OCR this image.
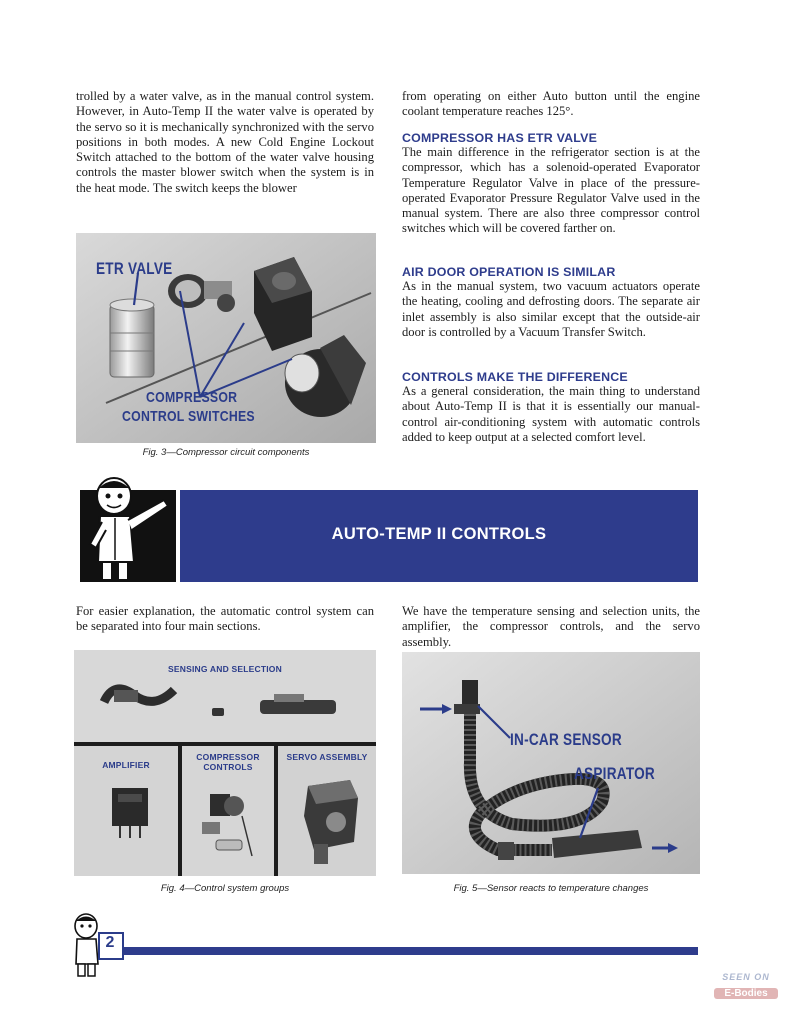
trolled by a water valve, as in the manual control system. However, in Auto-Temp II the water valve is operated by the servo so it is mechanically synchronized with the servo positions in both modes. A new Cold Engine Lockout Switch attached to the bottom of the water valve housing controls the master blower switch when the system is in the heat mode. The switch keeps the blower

ETR VALVE
COMPRESSOR
CONTROL SWITCHES
Fig. 3—Compressor circuit components

from operating on either Auto button until the engine coolant temperature reaches 125°.

COMPRESSOR HAS ETR VALVE

The main difference in the refrigerator section is at the compressor, which has a solenoid-operated Evaporator Temperature Regulator Valve in place of the pressure-operated Evaporator Pressure Regulator Valve used in the manual system. There are also three compressor control switches which will be covered farther on.

AIR DOOR OPERATION IS SIMILAR

As in the manual system, two vacuum actuators operate the heating, cooling and defrosting doors. The separate air inlet assembly is also similar except that the outside-air door is controlled by a Vacuum Transfer Switch.

CONTROLS MAKE THE DIFFERENCE

As a general consideration, the main thing to understand about Auto-Temp II is that it is essentially our manual-control air-conditioning system with automatic controls added to keep output at a selected comfort level.

AUTO-TEMP II CONTROLS

For easier explanation, the automatic control system can be separated into four main sections.

We have the temperature sensing and selection units, the amplifier, the compressor controls, and the servo assembly.

SENSING AND SELECTION
AMPLIFIER
COMPRESSOR
CONTROLS
SERVO ASSEMBLY
Fig. 4—Control system groups
IN-CAR SENSOR
ASPIRATOR
Fig. 5—Sensor reacts to temperature changes
2
SEEN ON
E-Bodies
